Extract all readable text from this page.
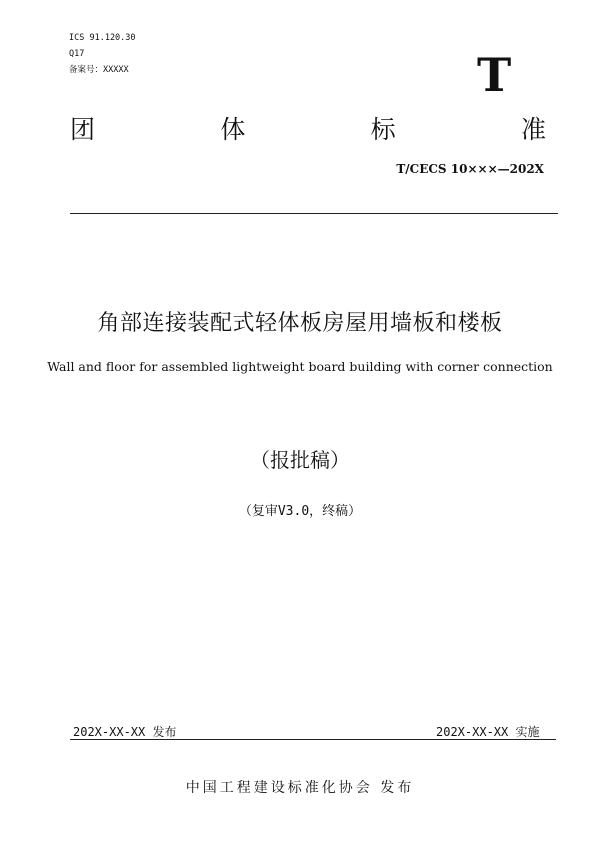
ICS 91.120.30
Q17
备案号：XXXXX	T
团	体	标	准
T/CECS 10×××—202X
角部连接装配式轻体板房屋用墙板和楼板
Wall and floor for assembled lightweight board building with corner connection
（报批稿）
（复审V3.0，终稿）
202X-XX-XX 发布	202X-XX-XX 实施
中国工程建设标准化协会 发布
